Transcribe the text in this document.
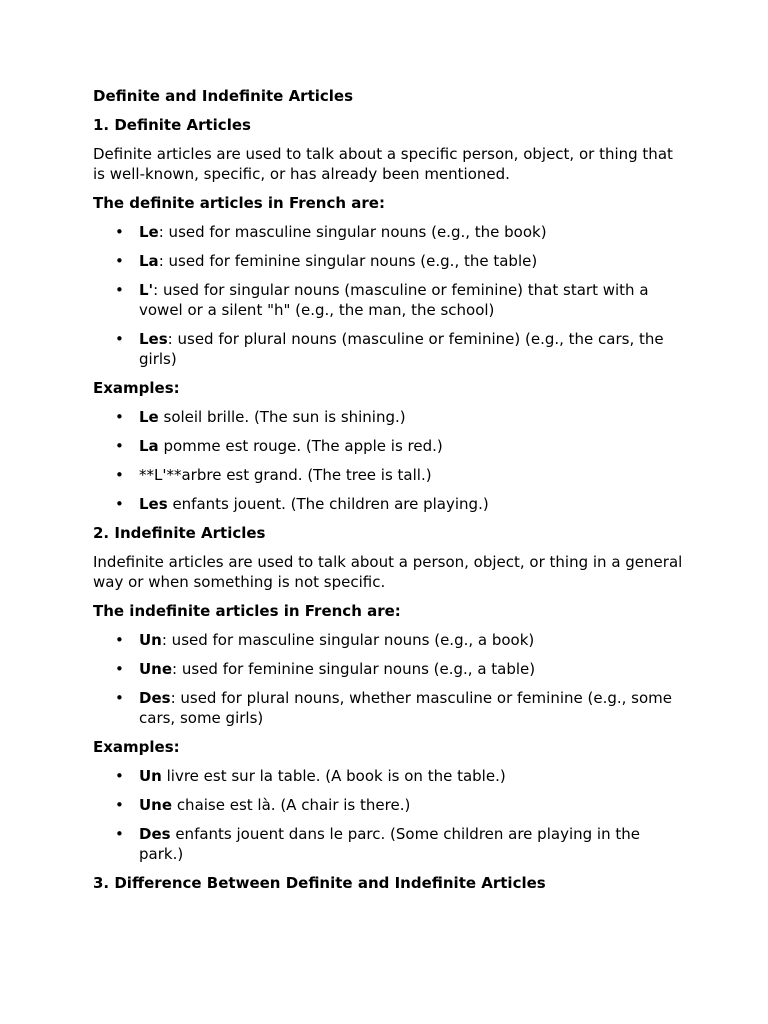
Definite and Indefinite Articles
1. Definite Articles

Definite articles are used to talk about a specific person, object, or thing that is well-known, specific, or has already been mentioned.

The definite articles in French are:
• Le: used for masculine singular nouns (e.g., the book)
• La: used for feminine singular nouns (e.g., the table)
• L': used for singular nouns (masculine or feminine) that start with a vowel or a silent "h" (e.g., the man, the school)
• Les: used for plural nouns (masculine or feminine) (e.g., the cars, the girls)
Examples:
• Le soleil brille. (The sun is shining.)
• La pomme est rouge. (The apple is red.)
• **L'**arbre est grand. (The tree is tall.)
• Les enfants jouent. (The children are playing.)
2. Indefinite Articles

Indefinite articles are used to talk about a person, object, or thing in a general way or when something is not specific.

The indefinite articles in French are:
• Un: used for masculine singular nouns (e.g., a book)
• Une: used for feminine singular nouns (e.g., a table)
• Des: used for plural nouns, whether masculine or feminine (e.g., some cars, some girls)
Examples:
• Un livre est sur la table. (A book is on the table.)
• Une chaise est là. (A chair is there.)
• Des enfants jouent dans le parc. (Some children are playing in the park.)
3. Difference Between Definite and Indefinite Articles
